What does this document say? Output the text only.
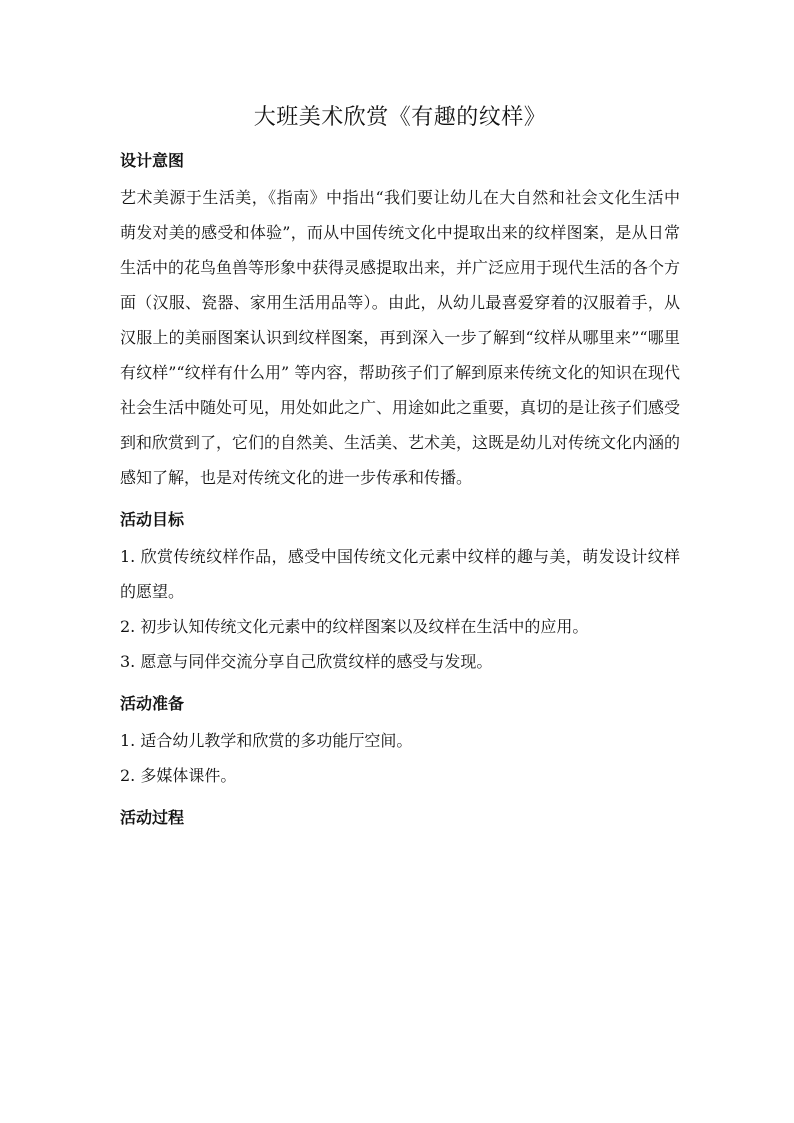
大班美术欣赏《有趣的纹样》
设计意图

艺术美源于生活美，《指南》中指出“我们要让幼儿在大自然和社会文化生活中萌发对美的感受和体验”，而从中国传统文化中提取出来的纹样图案，是从日常生活中的花鸟鱼兽等形象中获得灵感提取出来，并广泛应用于现代生活的各个方面（汉服、瓷器、家用生活用品等）。由此，从幼儿最喜爱穿着的汉服着手，从汉服上的美丽图案认识到纹样图案，再到深入一步了解到“纹样从哪里来”“哪里有纹样”“纹样有什么用” 等内容，帮助孩子们了解到原来传统文化的知识在现代社会生活中随处可见，用处如此之广、用途如此之重要，真切的是让孩子们感受到和欣赏到了，它们的自然美、生活美、艺术美，这既是幼儿对传统文化内涵的感知了解，也是对传统文化的进一步传承和传播。

活动目标

1. 欣赏传统纹样作品，感受中国传统文化元素中纹样的趣与美，萌发设计纹样的愿望。

2. 初步认知传统文化元素中的纹样图案以及纹样在生活中的应用。

3. 愿意与同伴交流分享自己欣赏纹样的感受与发现。

活动准备

1. 适合幼儿教学和欣赏的多功能厅空间。

2. 多媒体课件。

活动过程
